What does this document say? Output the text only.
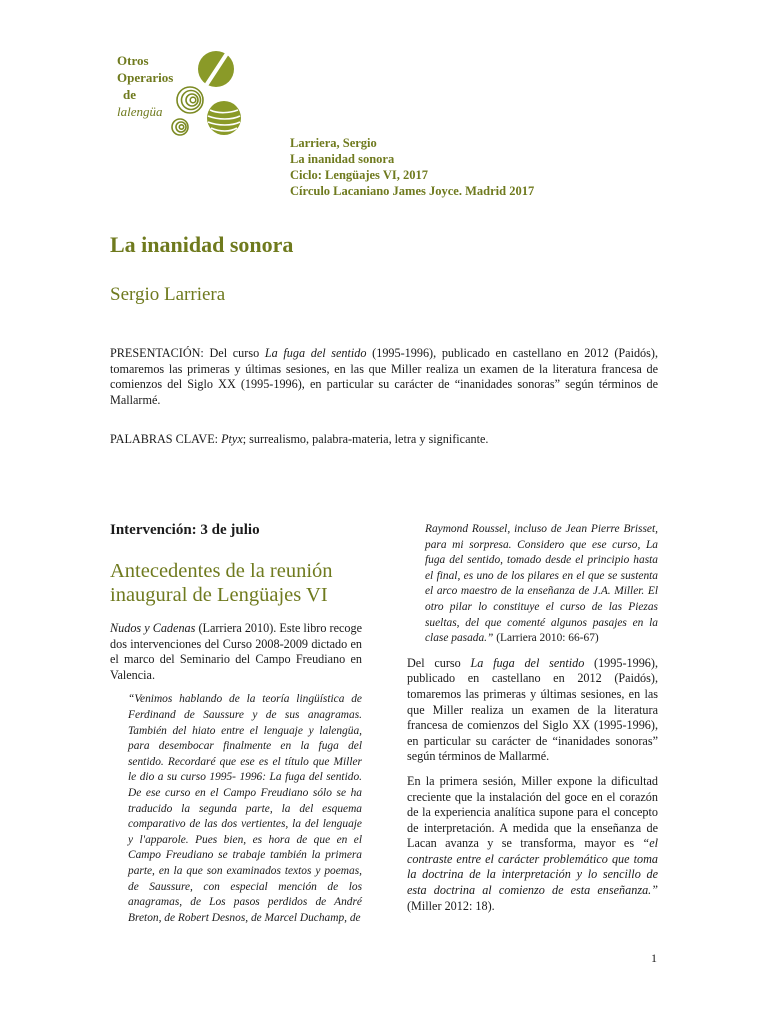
Otros
Operarios
de
lalengüa
Larriera, Sergio
La inanidad sonora
Ciclo: Lengüajes VI, 2017
Círculo Lacaniano James Joyce. Madrid 2017
La inanidad sonora
Sergio Larriera
PRESENTACIÓN: Del curso La fuga del sentido (1995-1996), publicado en castellano en 2012 (Paidós), tomaremos las primeras y últimas sesiones, en las que Miller realiza un examen de la literatura francesa de comienzos del Siglo XX (1995-1996), en particular su carácter de “inanidades sonoras” según términos de Mallarmé.
PALABRAS CLAVE: Ptyx; surrealismo, palabra-materia, letra y significante.
Intervención: 3 de julio
Antecedentes de la reunión inaugural de Lengüajes VI

Nudos y Cadenas (Larriera 2010). Este libro recoge dos intervenciones del Curso 2008-2009 dictado en el marco del Seminario del Campo Freudiano en Valencia.

“Venimos hablando de la teoría lingüística de Ferdinand de Saussure y de sus anagramas. También del hiato entre el lenguaje y lalengüa, para desembocar finalmente en la fuga del sentido. Recordaré que ese es el título que Miller le dio a su curso 1995- 1996: La fuga del sentido. De ese curso en el Campo Freudiano sólo se ha traducido la segunda parte, la del esquema comparativo de las dos vertientes, la del lenguaje y l'apparole. Pues bien, es hora de que en el Campo Freudiano se trabaje también la primera parte, en la que son examinados textos y poemas, de Saussure, con especial mención de los anagramas, de Los pasos perdidos de André Breton, de Robert Desnos, de Marcel Duchamp, de

Raymond Roussel, incluso de Jean Pierre Brisset, para mi sorpresa. Considero que ese curso, La fuga del sentido, tomado desde el principio hasta el final, es uno de los pilares en el que se sustenta el arco maestro de la enseñanza de J.A. Miller. El otro pilar lo constituye el curso de las Piezas sueltas, del que comenté algunos pasajes en la clase pasada.” (Larriera 2010: 66-67)

Del curso La fuga del sentido (1995-1996), publicado en castellano en 2012 (Paidós), tomaremos las primeras y últimas sesiones, en las que Miller realiza un examen de la literatura francesa de comienzos del Siglo XX (1995-1996), en particular su carácter de “inanidades sonoras” según términos de Mallarmé.

En la primera sesión, Miller expone la dificultad creciente que la instalación del goce en el corazón de la experiencia analítica supone para el concepto de interpretación. A medida que la enseñanza de Lacan avanza y se transforma, mayor es “el contraste entre el carácter problemático que toma la doctrina de la interpretación y lo sencillo de esta doctrina al comienzo de esta enseñanza.” (Miller 2012: 18).

1
